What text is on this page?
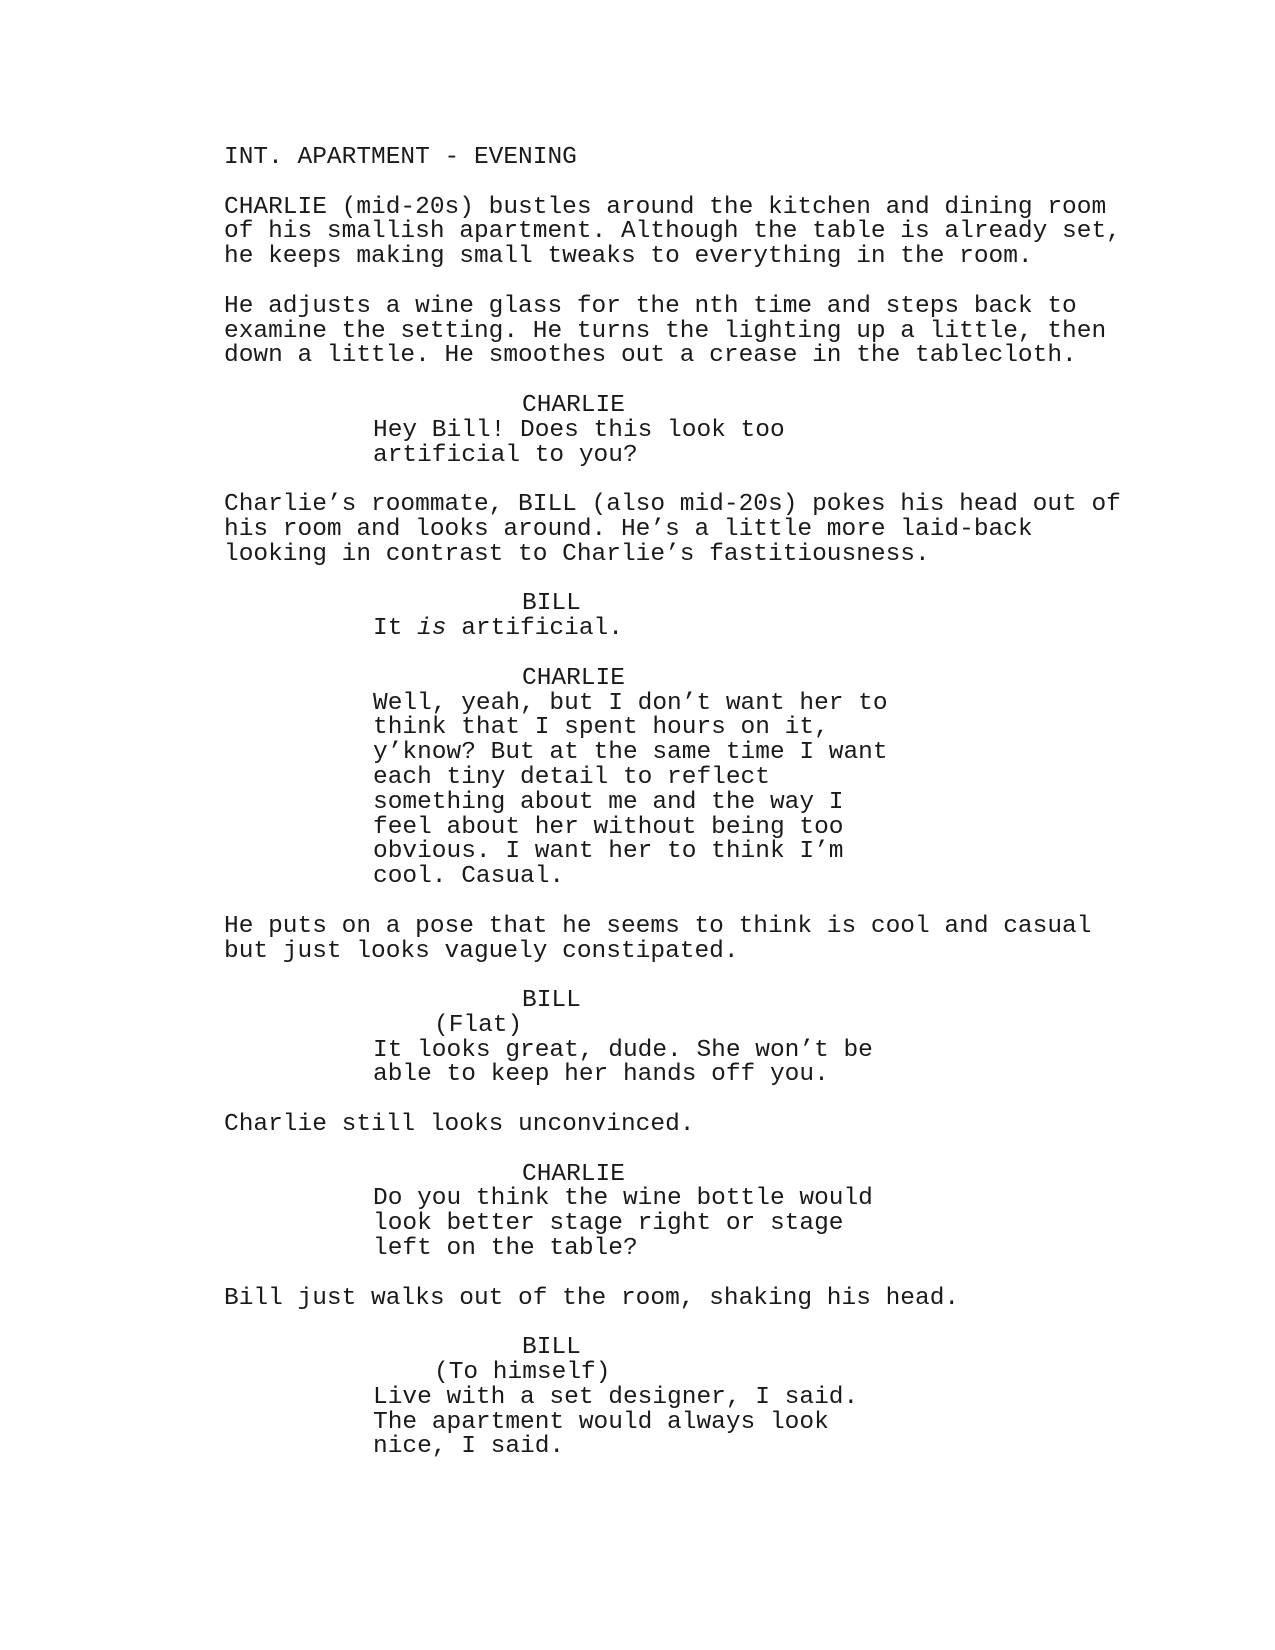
INT. APARTMENT - EVENING
CHARLIE (mid-20s) bustles around the kitchen and dining room
of his smallish apartment. Although the table is already set,
he keeps making small tweaks to everything in the room.
He adjusts a wine glass for the nth time and steps back to
examine the setting. He turns the lighting up a little, then
down a little. He smoothes out a crease in the tablecloth.
CHARLIE
Hey Bill! Does this look too
artificial to you?
Charlie’s roommate, BILL (also mid-20s) pokes his head out of
his room and looks around. He’s a little more laid-back
looking in contrast to Charlie’s fastitiousness.
BILL
It is artificial.
CHARLIE
Well, yeah, but I don’t want her to
think that I spent hours on it,
y’know? But at the same time I want
each tiny detail to reflect
something about me and the way I
feel about her without being too
obvious. I want her to think I’m
cool. Casual.
He puts on a pose that he seems to think is cool and casual
but just looks vaguely constipated.
BILL
(Flat)
It looks great, dude. She won’t be
able to keep her hands off you.
Charlie still looks unconvinced.
CHARLIE
Do you think the wine bottle would
look better stage right or stage
left on the table?
Bill just walks out of the room, shaking his head.
BILL
(To himself)
Live with a set designer, I said.
The apartment would always look
nice, I said.
